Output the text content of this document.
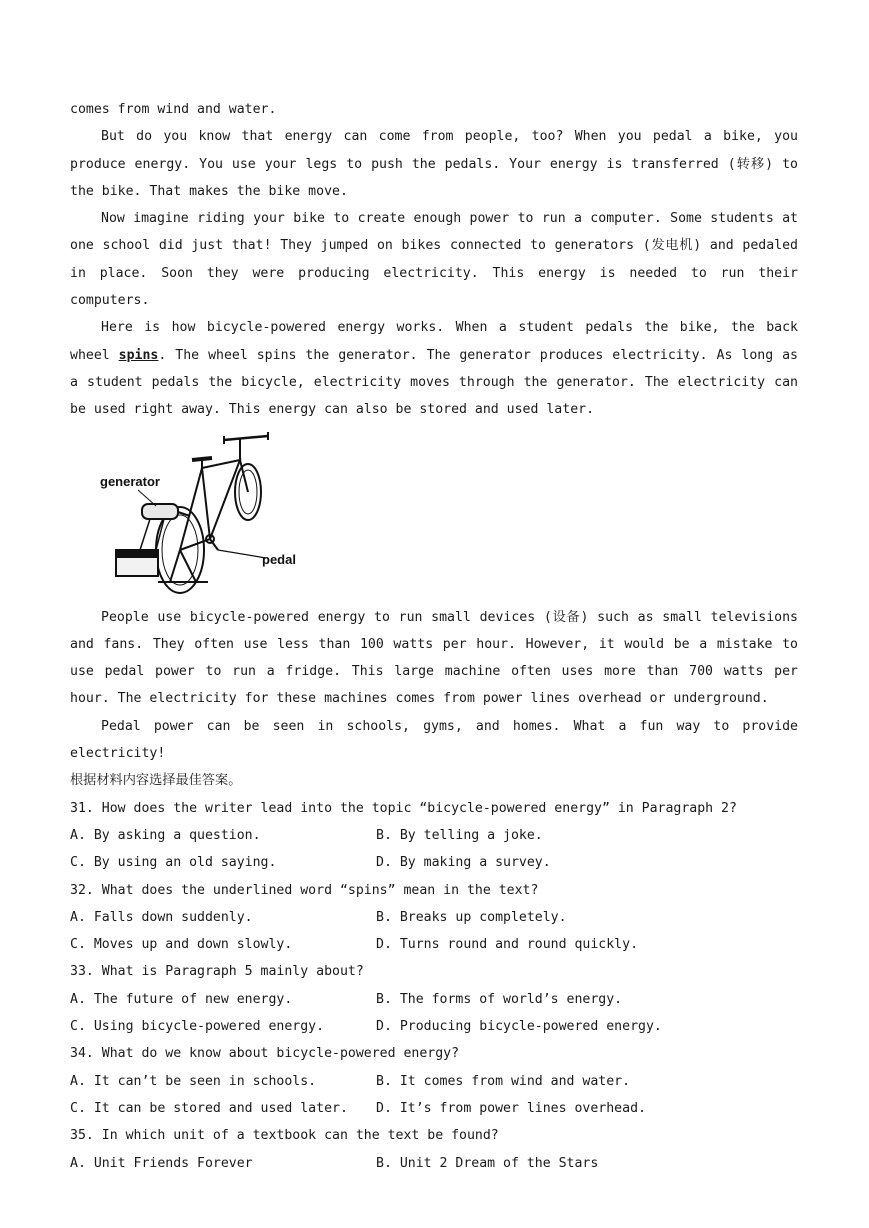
comes from wind and water.

But do you know that energy can come from people, too? When you pedal a bike, you produce energy. You use your legs to push the pedals. Your energy is transferred (转移) to the bike. That makes the bike move.

Now imagine riding your bike to create enough power to run a computer. Some students at one school did just that! They jumped on bikes connected to generators (发电机) and pedaled in place. Soon they were producing electricity. This energy is needed to run their computers.

Here is how bicycle-powered energy works. When a student pedals the bike, the back wheel spins. The wheel spins the generator. The generator produces electricity. As long as a student pedals the bicycle, electricity moves through the generator. The electricity can be used right away. This energy can also be stored and used later.

generator
pedal

People use bicycle-powered energy to run small devices (设备) such as small televisions and fans. They often use less than 100 watts per hour. However, it would be a mistake to use pedal power to run a fridge. This large machine often uses more than 700 watts per hour. The electricity for these machines comes from power lines overhead or underground.

Pedal power can be seen in schools, gyms, and homes. What a fun way to provide electricity!

根据材料内容选择最佳答案。

31. How does the writer lead into the topic “bicycle-powered energy” in Paragraph 2?

A. By asking a question.	B. By telling a joke.
C. By using an old saying.	D. By making a survey.

32. What does the underlined word “spins” mean in the text?

A. Falls down suddenly.	B. Breaks up completely.
C. Moves up and down slowly.	D. Turns round and round quickly.

33. What is Paragraph 5 mainly about?

A. The future of new energy.	B. The forms of world’s energy.
C. Using bicycle-powered energy.	D. Producing bicycle-powered energy.

34. What do we know about bicycle-powered energy?

A. It can’t be seen in schools.	B. It comes from wind and water.
C. It can be stored and used later.	D. It’s from power lines overhead.

35. In which unit of a textbook can the text be found?

A. Unit Friends Forever	B. Unit 2 Dream of the Stars
